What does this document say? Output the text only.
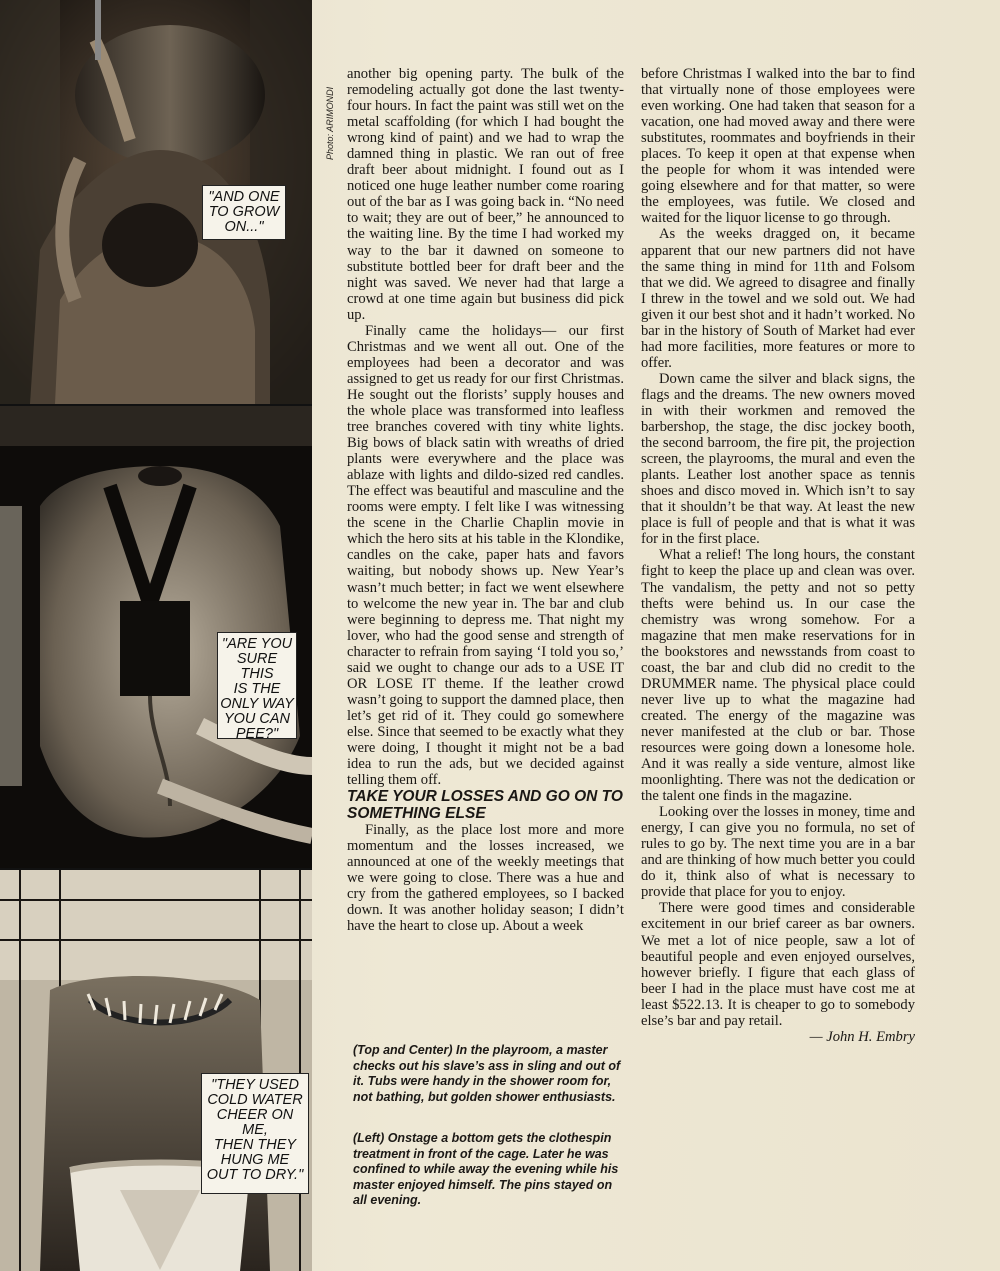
"AND ONE
TO GROW
ON..."
"ARE YOU
SURE THIS
IS THE
ONLY WAY
YOU CAN
PEE?"
"THEY USED
COLD WATER
CHEER ON ME,
THEN THEY
HUNG ME
OUT TO DRY."
Photo: ARIMONDI

another big opening party. The bulk of the remodeling actually got done the last twenty-four hours. In fact the paint was still wet on the metal scaffolding (for which I had bought the wrong kind of paint) and we had to wrap the damned thing in plastic. We ran out of free draft beer about midnight. I found out as I noticed one huge leather number come roaring out of the bar as I was going back in. “No need to wait; they are out of beer,” he announced to the waiting line. By the time I had worked my way to the bar it dawned on someone to substitute bottled beer for draft beer and the night was saved. We never had that large a crowd at one time again but business did pick up.

Finally came the holidays— our first Christmas and we went all out. One of the employees had been a decorator and was assigned to get us ready for our first Christmas. He sought out the florists’ supply houses and the whole place was transformed into leafless tree branches covered with tiny white lights. Big bows of black satin with wreaths of dried plants were everywhere and the place was ablaze with lights and dildo-sized red candles. The effect was beautiful and masculine and the rooms were empty. I felt like I was witnessing the scene in the Charlie Chaplin movie in which the hero sits at his table in the Klondike, candles on the cake, paper hats and favors waiting, but nobody shows up. New Year’s wasn’t much better; in fact we went elsewhere to welcome the new year in. The bar and club were beginning to depress me. That night my lover, who had the good sense and strength of character to refrain from saying ‘I told you so,’ said we ought to change our ads to a USE IT OR LOSE IT theme. If the leather crowd wasn’t going to support the damned place, then let’s get rid of it. They could go somewhere else. Since that seemed to be exactly what they were doing, I thought it might not be a bad idea to run the ads, but we decided against telling them off.

TAKE YOUR LOSSES AND GO ON TO SOMETHING ELSE

Finally, as the place lost more and more momentum and the losses increased, we announced at one of the weekly meetings that we were going to close. There was a hue and cry from the gathered employees, so I backed down. It was another holiday season; I didn’t have the heart to close up. About a week

(Top and Center) In the playroom, a master checks out his slave’s ass in sling and out of it. Tubs were handy in the shower room for, not bathing, but golden shower enthusiasts.

(Left) Onstage a bottom gets the clothespin treatment in front of the cage. Later he was confined to while away the evening while his master enjoyed himself. The pins stayed on all evening.

before Christmas I walked into the bar to find that virtually none of those employees were even working. One had taken that season for a vacation, one had moved away and there were substitutes, roommates and boyfriends in their places. To keep it open at that expense when the people for whom it was intended were going elsewhere and for that matter, so were the employees, was futile. We closed and waited for the liquor license to go through.

As the weeks dragged on, it became apparent that our new partners did not have the same thing in mind for 11th and Folsom that we did. We agreed to disagree and finally I threw in the towel and we sold out. We had given it our best shot and it hadn’t worked. No bar in the history of South of Market had ever had more facilities, more features or more to offer.

Down came the silver and black signs, the flags and the dreams. The new owners moved in with their workmen and removed the barbershop, the stage, the disc jockey booth, the second barroom, the fire pit, the projection screen, the playrooms, the mural and even the plants. Leather lost another space as tennis shoes and disco moved in. Which isn’t to say that it shouldn’t be that way. At least the new place is full of people and that is what it was for in the first place.

What a relief! The long hours, the constant fight to keep the place up and clean was over. The vandalism, the petty and not so petty thefts were behind us. In our case the chemistry was wrong somehow. For a magazine that men make reservations for in the bookstores and newsstands from coast to coast, the bar and club did no credit to the DRUMMER name. The physical place could never live up to what the magazine had created. The energy of the magazine was never manifested at the club or bar. Those resources were going down a lonesome hole. And it was really a side venture, almost like moonlighting. There was not the dedication or the talent one finds in the magazine.

Looking over the losses in money, time and energy, I can give you no formula, no set of rules to go by. The next time you are in a bar and are thinking of how much better you could do it, think also of what is necessary to provide that place for you to enjoy.

There were good times and considerable excitement in our brief career as bar owners. We met a lot of nice people, saw a lot of beautiful people and even enjoyed ourselves, however briefly. I figure that each glass of beer I had in the place must have cost me at least $522.13. It is cheaper to go to somebody else’s bar and pay retail.

— John H. Embry
